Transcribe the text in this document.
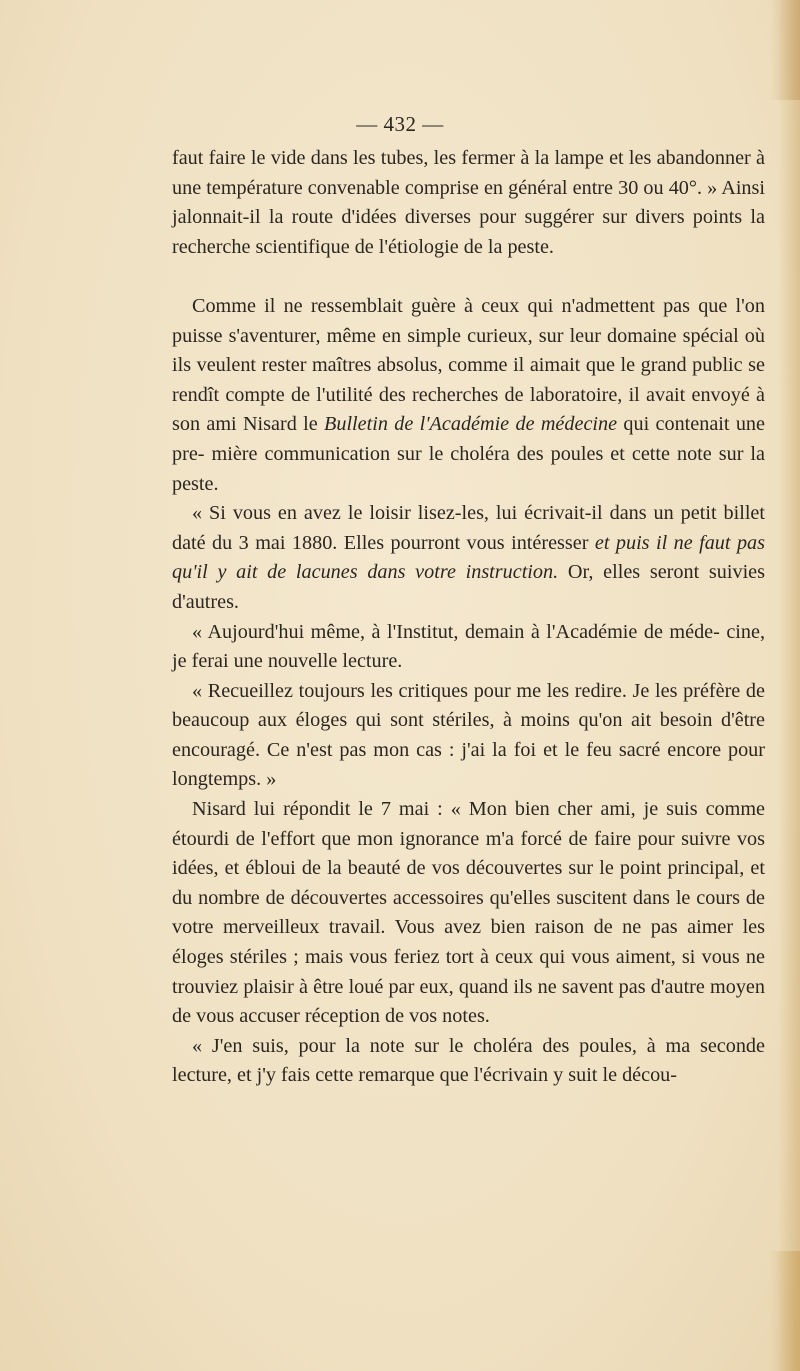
— 432 —

faut faire le vide dans les tubes, les fermer à la lampe et les abandonner à une température convenable comprise en général entre 30 ou 40°. » Ainsi jalonnait-il la route d'idées diverses pour suggérer sur divers points la recherche scientifique de l'étiologie de la peste.

Comme il ne ressemblait guère à ceux qui n'admettent pas que l'on puisse s'aventurer, même en simple curieux, sur leur domaine spécial où ils veulent rester maîtres absolus, comme il aimait que le grand public se rendît compte de l'utilité des recherches de laboratoire, il avait envoyé à son ami Nisard le Bulletin de l'Académie de médecine qui contenait une pre- mière communication sur le choléra des poules et cette note sur la peste.

« Si vous en avez le loisir lisez-les, lui écrivait-il dans un petit billet daté du 3 mai 1880. Elles pourront vous intéresser et puis il ne faut pas qu'il y ait de lacunes dans votre instruction. Or, elles seront suivies d'autres.

« Aujourd'hui même, à l'Institut, demain à l'Académie de méde- cine, je ferai une nouvelle lecture.

« Recueillez toujours les critiques pour me les redire. Je les préfère de beaucoup aux éloges qui sont stériles, à moins qu'on ait besoin d'être encouragé. Ce n'est pas mon cas : j'ai la foi et le feu sacré encore pour longtemps. »

Nisard lui répondit le 7 mai : « Mon bien cher ami, je suis comme étourdi de l'effort que mon ignorance m'a forcé de faire pour suivre vos idées, et ébloui de la beauté de vos découvertes sur le point principal, et du nombre de découvertes accessoires qu'elles suscitent dans le cours de votre merveilleux travail. Vous avez bien raison de ne pas aimer les éloges stériles ; mais vous feriez tort à ceux qui vous aiment, si vous ne trouviez plaisir à être loué par eux, quand ils ne savent pas d'autre moyen de vous accuser réception de vos notes.

« J'en suis, pour la note sur le choléra des poules, à ma seconde lecture, et j'y fais cette remarque que l'écrivain y suit le décou-
